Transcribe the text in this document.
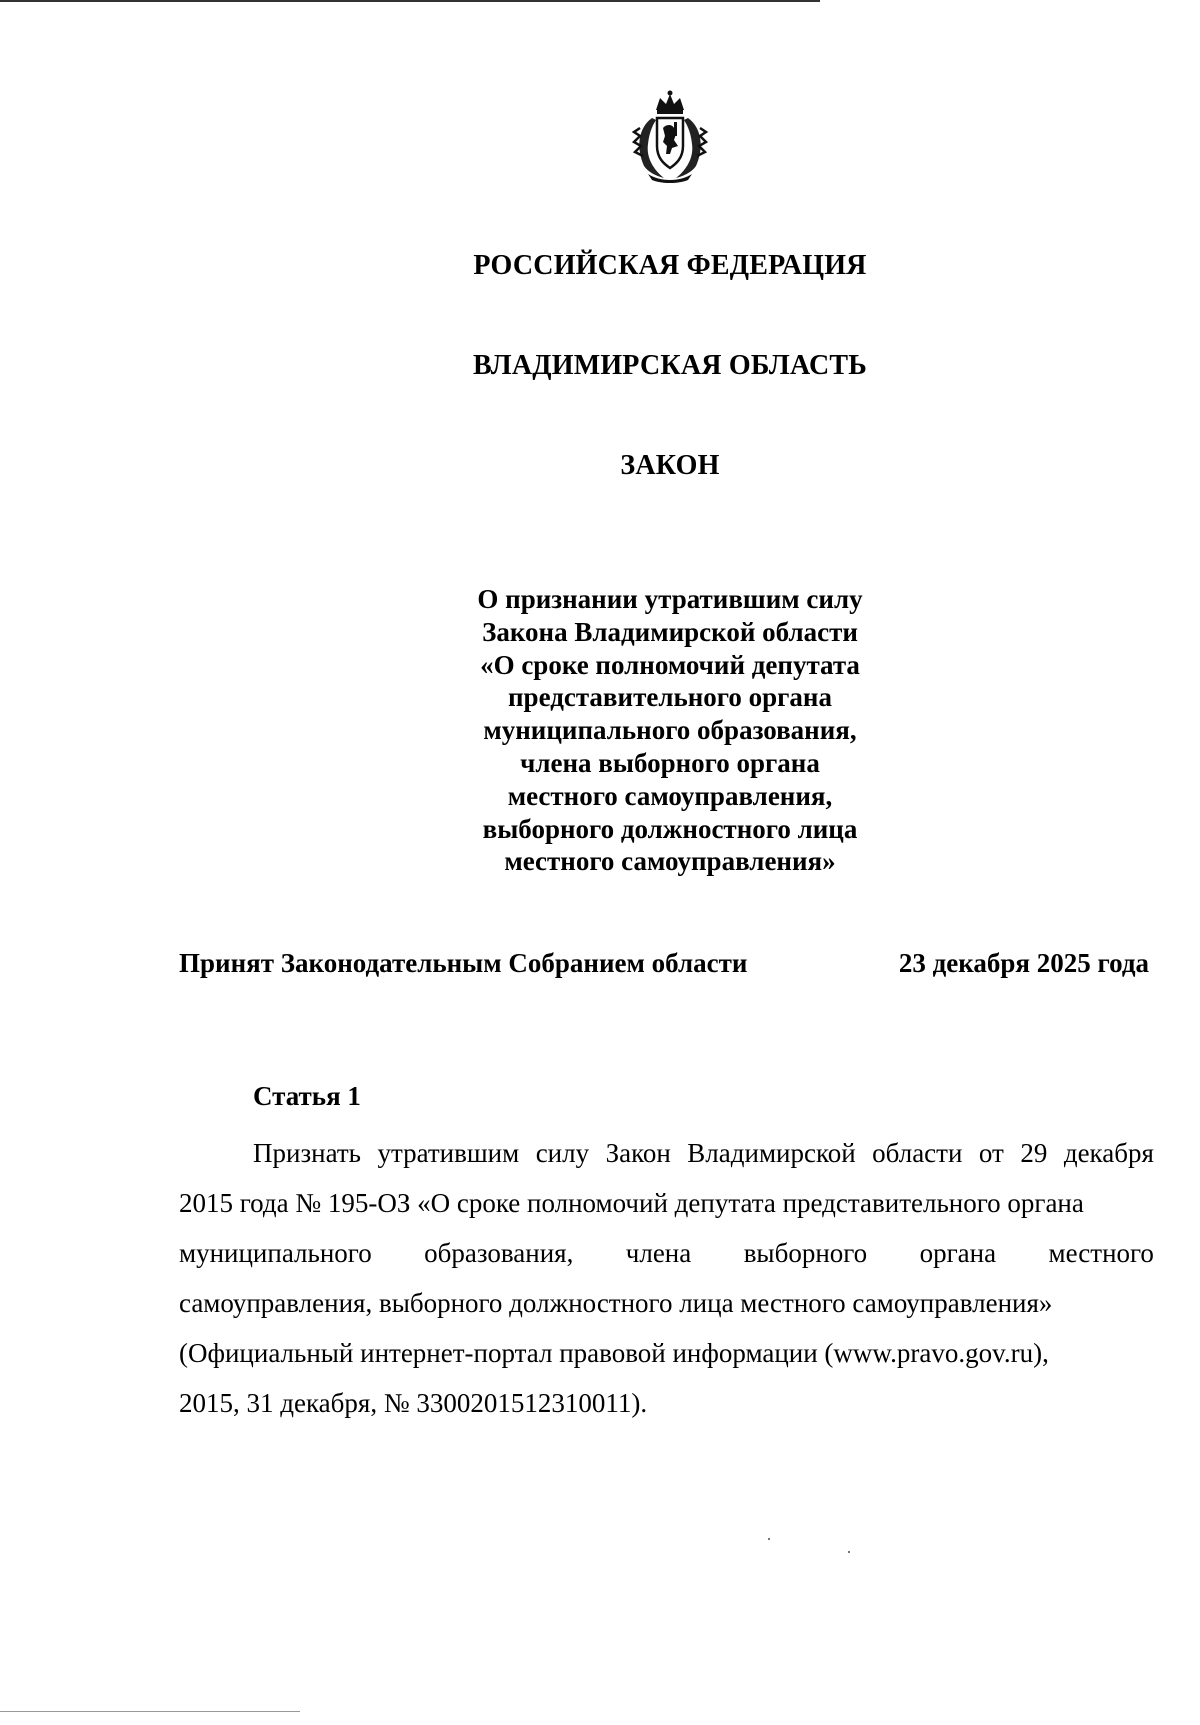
РОССИЙСКАЯ ФЕДЕРАЦИЯ
ВЛАДИМИРСКАЯ ОБЛАСТЬ
ЗАКОН
О признании утратившим силу
Закона Владимирской области
«О сроке полномочий депутата
представительного органа
муниципального образования,
члена выборного органа
местного самоуправления,
выборного должностного лица
местного самоуправления»
Принят Законодательным Собранием области	23 декабря 2025 года
Статья 1
Признать утратившим силу Закон Владимирской области от 29 декабря
2015 года № 195-ОЗ «О сроке полномочий депутата представительного органа
муниципального образования, члена выборного органа местного
самоуправления, выборного должностного лица местного самоуправления»
(Официальный интернет-портал правовой информации (www.pravo.gov.ru),
2015, 31 декабря, № 3300201512310011).
